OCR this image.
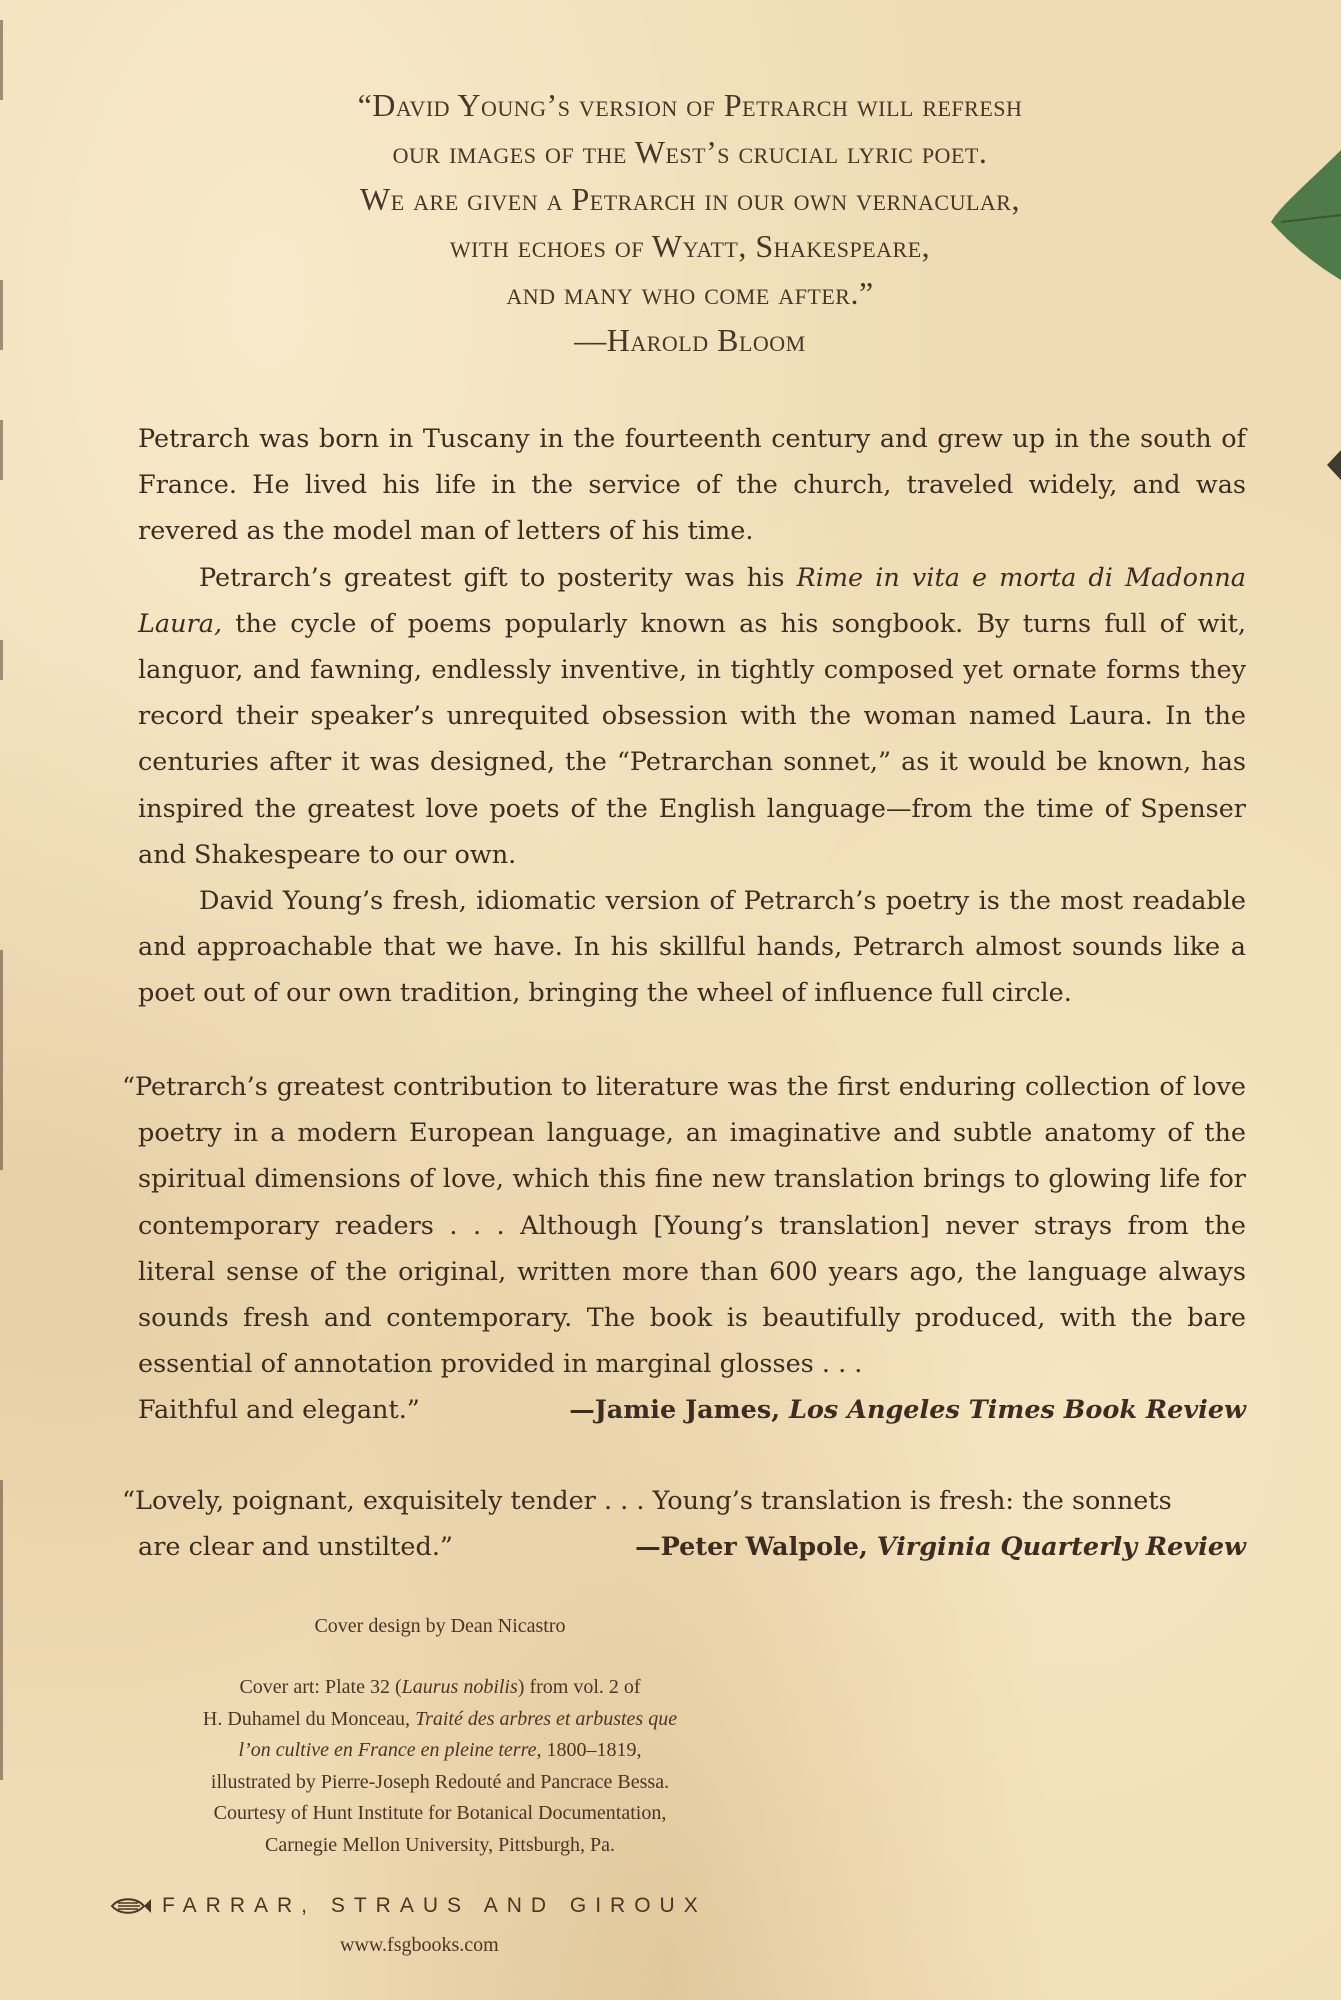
“David Young’s version of Petrarch will refresh
our images of the West’s crucial lyric poet.
We are given a Petrarch in our own vernacular,
with echoes of Wyatt, Shakespeare,
and many who come after.”
—Harold Bloom

Petrarch was born in Tuscany in the fourteenth century and grew up in the south of France. He lived his life in the service of the church, traveled widely, and was revered as the model man of letters of his time.

Petrarch’s greatest gift to posterity was his Rime in vita e morta di Madonna Laura, the cycle of poems popularly known as his songbook. By turns full of wit, languor, and fawning, endlessly inventive, in tightly composed yet ornate forms they record their speaker’s unrequited obsession with the woman named Laura. In the centuries after it was designed, the “Petrarchan sonnet,” as it would be known, has inspired the greatest love poets of the English language—from the time of Spenser and Shakespeare to our own.

David Young’s fresh, idiomatic version of Petrarch’s poetry is the most readable and approachable that we have. In his skillful hands, Petrarch almost sounds like a poet out of our own tradition, bringing the wheel of influence full circle.

“Petrarch’s greatest contribution to literature was the first enduring collection of love poetry in a modern European language, an imaginative and subtle anatomy of the spiritual dimensions of love, which this fine new translation brings to glowing life for contemporary readers . . . Although [Young’s translation] never strays from the literal sense of the original, written more than 600 years ago, the language always sounds fresh and contemporary. The book is beautifully produced, with the bare essential of annotation provided in marginal glosses . . .

Faithful and elegant.”	—Jamie James, Los Angeles Times Book Review

“Lovely, poignant, exquisitely tender . . . Young’s translation is fresh: the sonnets

are clear and unstilted.”	—Peter Walpole, Virginia Quarterly Review
Cover design by Dean Nicastro
Cover art: Plate 32 (Laurus nobilis) from vol. 2 of
H. Duhamel du Monceau, Traité des arbres et arbustes que
l’on cultive en France en pleine terre, 1800–1819,
illustrated by Pierre-Joseph Redouté and Pancrace Bessa.
Courtesy of Hunt Institute for Botanical Documentation,
Carnegie Mellon University, Pittsburgh, Pa.
FARRAR, STRAUS AND GIROUX
www.fsgbooks.com
